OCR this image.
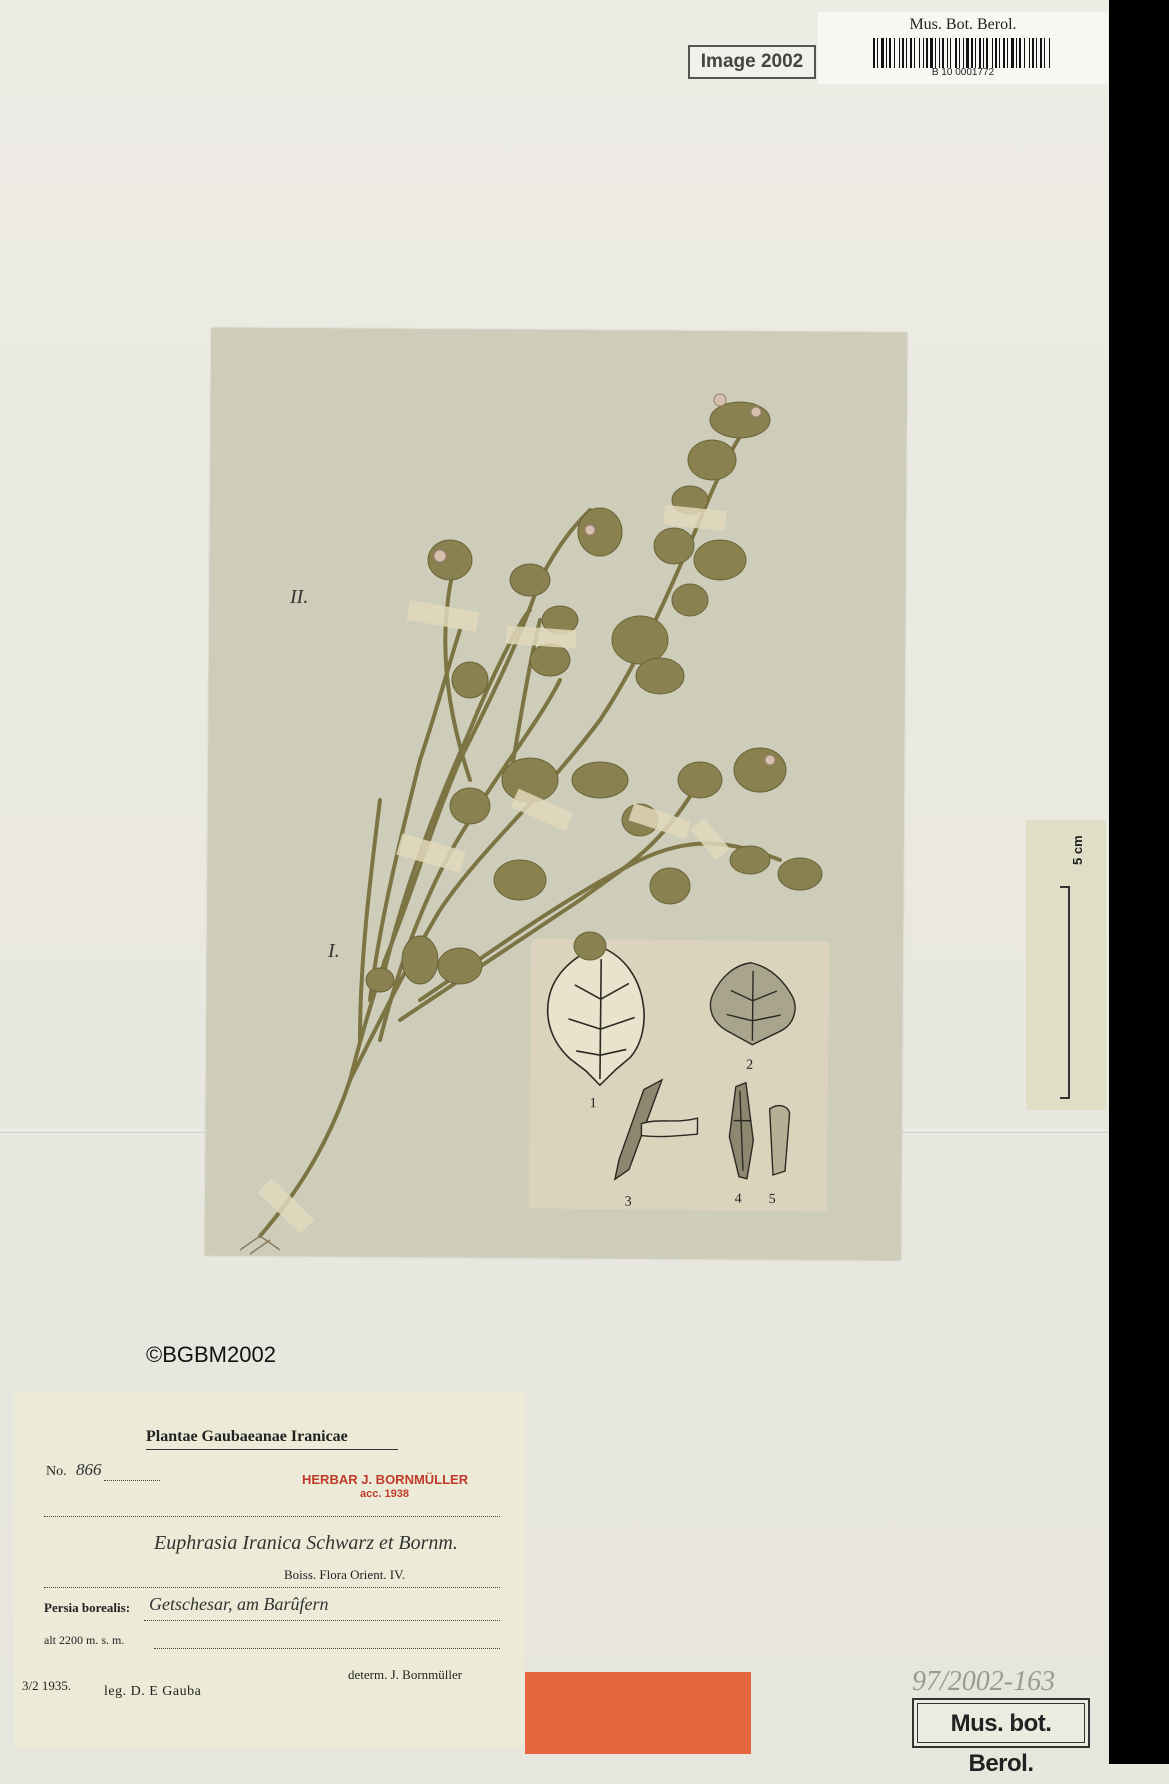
Mus. Bot. Berol.
B 10 0001772
Image 2002
1
2
3	4 5
II.
I.
5 cm
©BGBM2002
Plantae Gaubaeanae Iranicae
No. 866
HERBAR J. BORNMÜLLER
acc. 1938
Euphrasia Iranica Schwarz et Bornm.
Boiss. Flora Orient. IV.
Persia borealis: Getschesar, am Barûfern
alt 2200 m. s. m.
determ. J. Bornmüller
3/2 1935. leg. D. E Gauba	97/2002-163
Mus. bot. Berol.
